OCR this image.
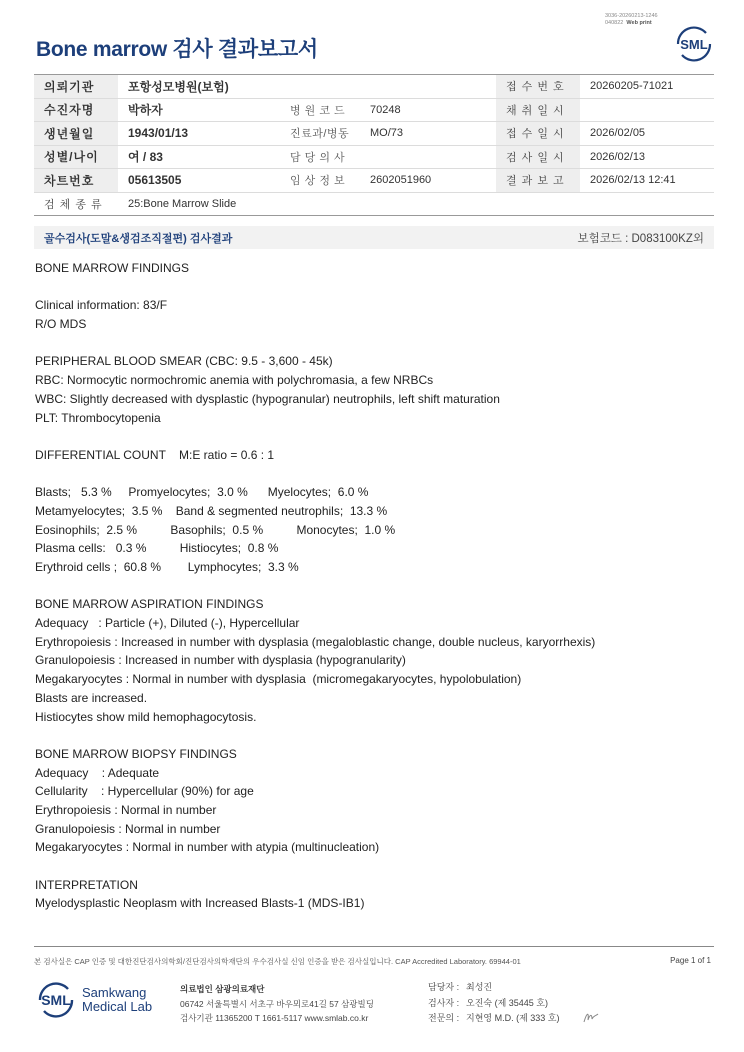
3036-20260213-1246
040822 Web print
Bone marrow 검사 결과보고서	SML
의뢰기관	포항성모병원(보험)			접 수 번 호	20260205-71021
수진자명	박하자	병 원 코 드	70248	채 취 일 시	
생년월일	1943/01/13	진료과/병동	MO/73	접 수 일 시	2026/02/05
성별/나이	여 / 83	담 당 의 사		검 사 일 시	2026/02/13
차트번호	05613505	임 상 정 보	2602051960	결 과 보 고	2026/02/13 12:41
검 체 종 류	25:Bone Marrow Slide				
골수검사(도말&생검조직절편) 검사결과	보험코드 : D083100KZ외
BONE MARROW FINDINGS
Clinical information: 83/F
R/O MDS
PERIPHERAL BLOOD SMEAR (CBC: 9.5 - 3,600 - 45k)
RBC: Normocytic normochromic anemia with polychromasia, a few NRBCs
WBC: Slightly decreased with dysplastic (hypogranular) neutrophils, left shift maturation
PLT: Thrombocytopenia
DIFFERENTIAL COUNT    M:E ratio = 0.6 : 1
Blasts;   5.3 %     Promyelocytes;  3.0 %      Myelocytes;  6.0 %
Metamyelocytes;  3.5 %    Band & segmented neutrophils;  13.3 %
Eosinophils;  2.5 %          Basophils;  0.5 %          Monocytes;  1.0 %
Plasma cells:   0.3 %          Histiocytes;  0.8 %
Erythroid cells ;  60.8 %        Lymphocytes;  3.3 %
BONE MARROW ASPIRATION FINDINGS
Adequacy   : Particle (+), Diluted (-), Hypercellular
Erythropoiesis : Increased in number with dysplasia (megaloblastic change, double nucleus, karyorrhexis)
Granulopoiesis : Increased in number with dysplasia (hypogranularity)
Megakaryocytes : Normal in number with dysplasia  (micromegakaryocytes, hypolobulation)
Blasts are increased.
Histiocytes show mild hemophagocytosis.
BONE MARROW BIOPSY FINDINGS
Adequacy    : Adequate
Cellularity    : Hypercellular (90%) for age
Erythropoiesis : Normal in number
Granulopoiesis : Normal in number
Megakaryocytes : Normal in number with atypia (multinucleation)
INTERPRETATION
Myelodysplastic Neoplasm with Increased Blasts-1 (MDS-IB1)
본 검사실은 CAP 인증 및 대한진단검사의학회/진단검사의학재단의 우수검사실 신임 인증을 받은 검사실입니다. CAP Accredited Laboratory. 69944-01	Page 1 of 1
SML Samkwang
Medical Lab
의료법인 삼광의료재단
06742 서울특별시 서초구 바우뫼로41길 57 삼광빌딩
검사기관 11365200 T 1661-5117 www.smlab.co.kr
담당자 : 최성진
검사자 : 오진숙 (제 35445 호)
전문의 : 지현영 M.D. (제 333 호)
